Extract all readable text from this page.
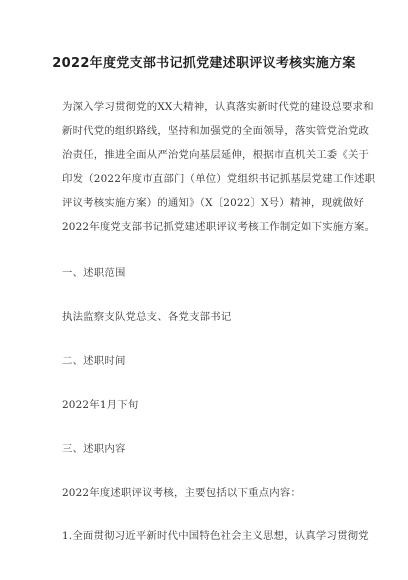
2022年度党支部书记抓党建述职评议考核实施方案
为深入学习贯彻党的XX大精神，认真落实新时代党的建设总要求和
新时代党的组织路线，坚持和加强党的全面领导，落实管党治党政
治责任，推进全面从严治党向基层延伸，根据市直机关工委《关于
印发（2022年度市直部门（单位）党组织书记抓基层党建工作述职
评议考核实施方案）的通知》（X〔2022〕X号）精神，现就做好
2022年度党支部书记抓党建述职评议考核工作制定如下实施方案。
一、述职范围
执法监察支队党总支、各党支部书记
二、述职时间
2022年1月下旬
三、述职内容
2022年度述职评议考核，主要包括以下重点内容：
1.全面贯彻习近平新时代中国特色社会主义思想，认真学习贯彻党
